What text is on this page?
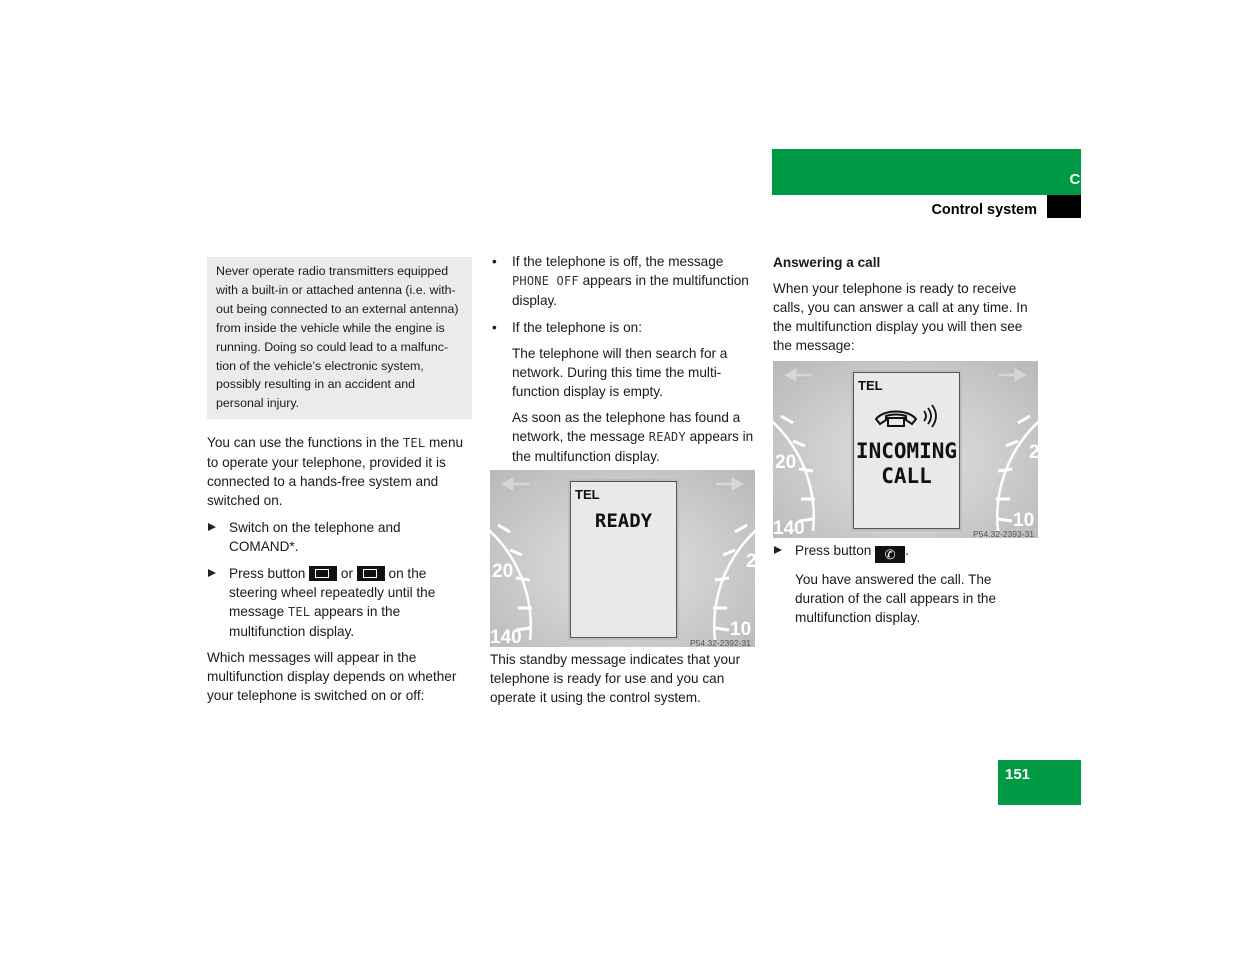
Controls in detail
Control system
Never operate radio transmitters equipped with a built-in or attached antenna (i.e. with-out being connected to an external antenna) from inside the vehicle while the engine is running. Doing so could lead to a malfunc-tion of the vehicle’s electronic system, possibly resulting in an accident and personal injury.

You can use the functions in the TEL menu to operate your telephone, provided it is connected to a hands-free system and switched on.

Switch on the telephone and COMAND*.
Press button
or
on the steering wheel repeatedly until the message TEL appears in the multifunction display.

Which messages will appear in the multifunction display depends on whether your telephone is switched on or off:

• If the telephone is off, the message PHONE OFF appears in the multifunction display.
• If the telephone is on:

The telephone will then search for a network. During this time the multi-function display is empty.

As soon as the telephone has found a network, the message READY appears in the multifunction display.

20	2
140	10
TEL
READY
P54.32-2392-31

This standby message indicates that your telephone is ready for use and you can operate it using the control system.

Answering a call

When your telephone is ready to receive calls, you can answer a call at any time. In the multifunction display you will then see the message:

20	2
140	10
TEL
INCOMING
CALL
P54.32-2393-31
Press button ✆ .

You have answered the call. The duration of the call appears in the multifunction display.

151
